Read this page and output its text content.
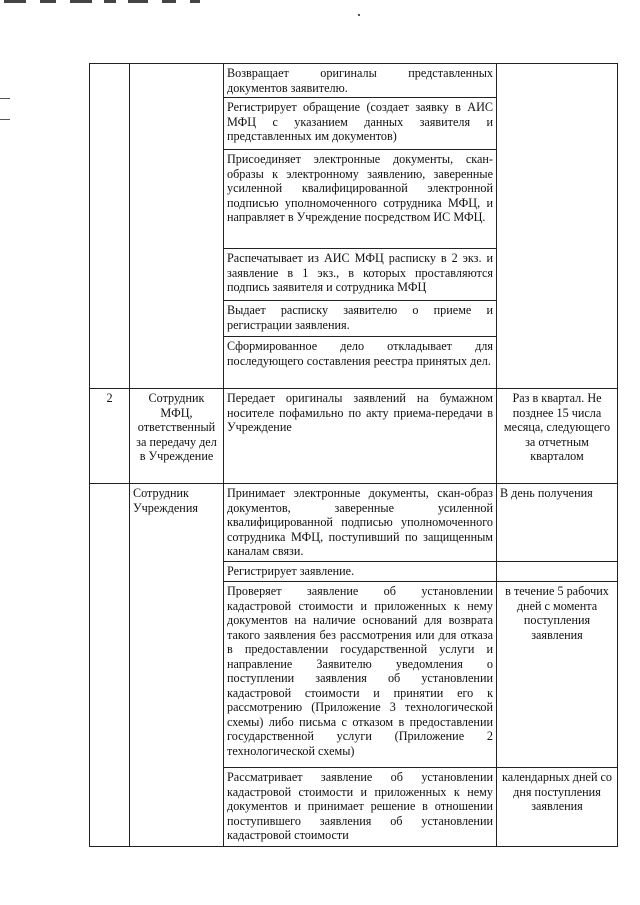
		Возвращает оригиналы представленных документов заявителю.	
		Регистрирует обращение (создает заявку в АИС МФЦ с указанием данных заявителя и представленных им документов)	
		Присоединяет электронные документы, скан-образы к электронному заявлению, заверенные усиленной квалифицированной электронной подписью уполномоченного сотрудника МФЦ, и направляет в Учреждение посредством ИС МФЦ.	
		Распечатывает из АИС МФЦ расписку в 2 экз. и заявление в 1 экз., в которых проставляются подпись заявителя и сотрудника МФЦ	
		Выдает расписку заявителю о приеме и регистрации заявления.	
		Сформированное дело откладывает для последующего составления реестра принятых дел.	
2	Сотрудник МФЦ, ответственный за передачу дел в Учреждение	Передает оригиналы заявлений на бумажном носителе пофамильно по акту приема-передачи в Учреждение	Раз в квартал. Не позднее 15 числа месяца, следующего за отчетным кварталом
	Сотрудник Учреждения	Принимает электронные документы, скан-образ документов, заверенные усиленной квалифицированной подписью уполномоченного сотрудника МФЦ, поступивший по защищенным каналам связи.	В день получения
		Регистрирует заявление.	
		Проверяет заявление об установлении кадастровой стоимости и приложенных к нему документов на наличие оснований для возврата такого заявления без рассмотрения или для отказа в предоставлении государственной услуги и направление Заявителю уведомления о поступлении заявления об установлении кадастровой стоимости и принятии его к рассмотрению (Приложение 3 технологической схемы) либо письма с отказом в предоставлении государственной услуги (Приложение 2 технологической схемы)	в течение 5 рабочих дней с момента поступления заявления
		Рассматривает заявление об установлении кадастровой стоимости и приложенных к нему документов и принимает решение в отношении поступившего заявления об установлении кадастровой стоимости	календарных дней со дня поступления заявления
